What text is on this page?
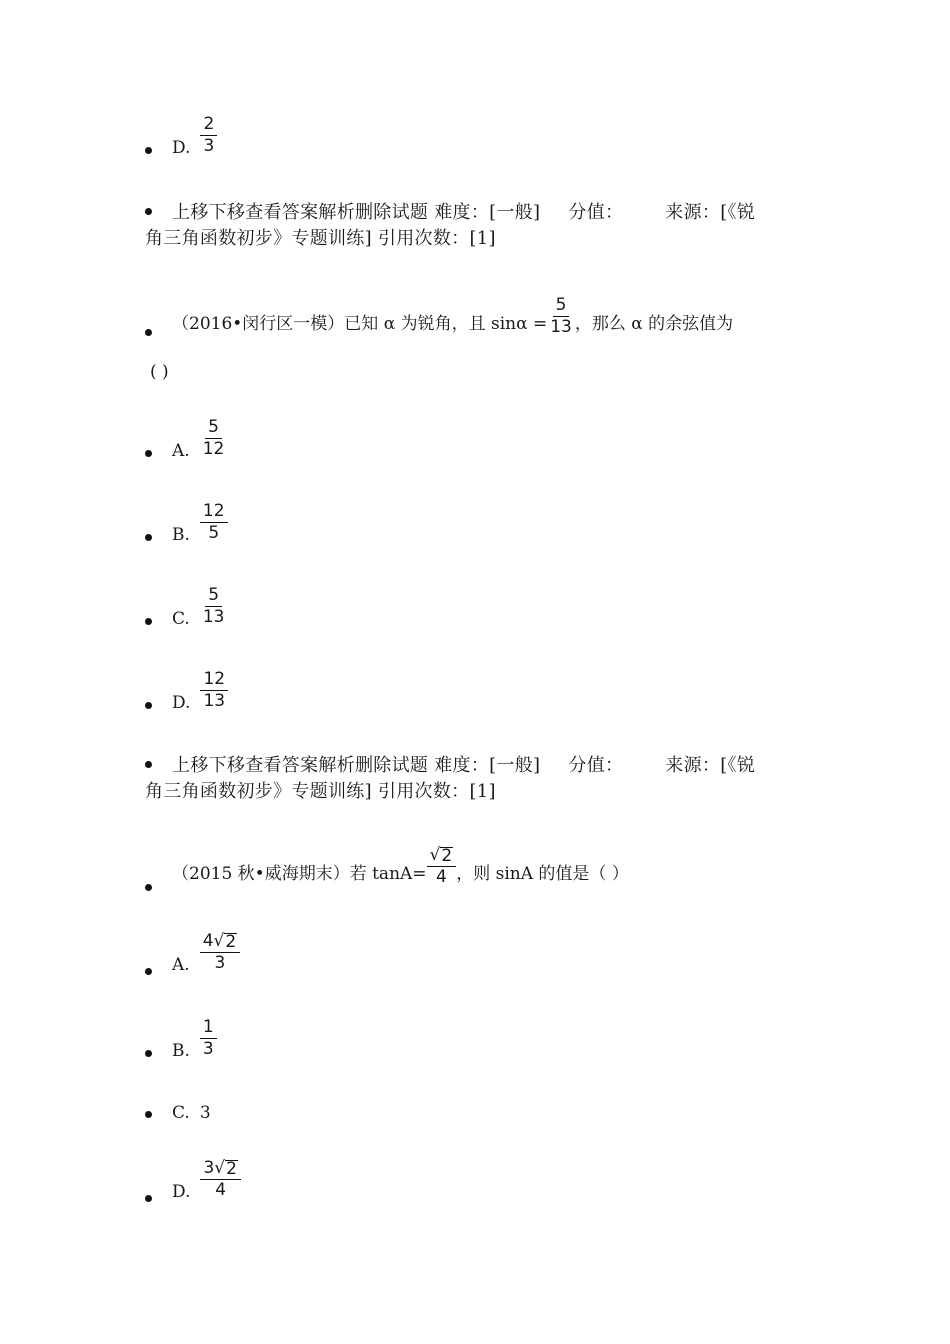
D. $\frac{2}{3}$
上移下移查看答案解析删除试题 难度：[一般] 分值： 来源：[《锐
角三角函数初步》专题训练] 引用次数：[1]
（2016•闵行区一模）已知 α 为锐角，且 $\sin\alpha = \frac{5}{13}$ ，那么 α 的余弦值为
( )
A. $\frac{5}{12}$
B. $\frac{12}{5}$
C. $\frac{5}{13}$
D. $\frac{12}{13}$
上移下移查看答案解析删除试题 难度：[一般] 分值： 来源：[《锐
角三角函数初步》专题训练] 引用次数：[1]
（2015 秋•威海期末）若 $\tan A= \frac{√ 2}{4}$ ，则 sinA 的值是（ ）
A. $\frac{4 √ 2}{3}$
B. $\frac{1}{3}$
C. 3
D. $\frac{3 √ 2}{4}$
